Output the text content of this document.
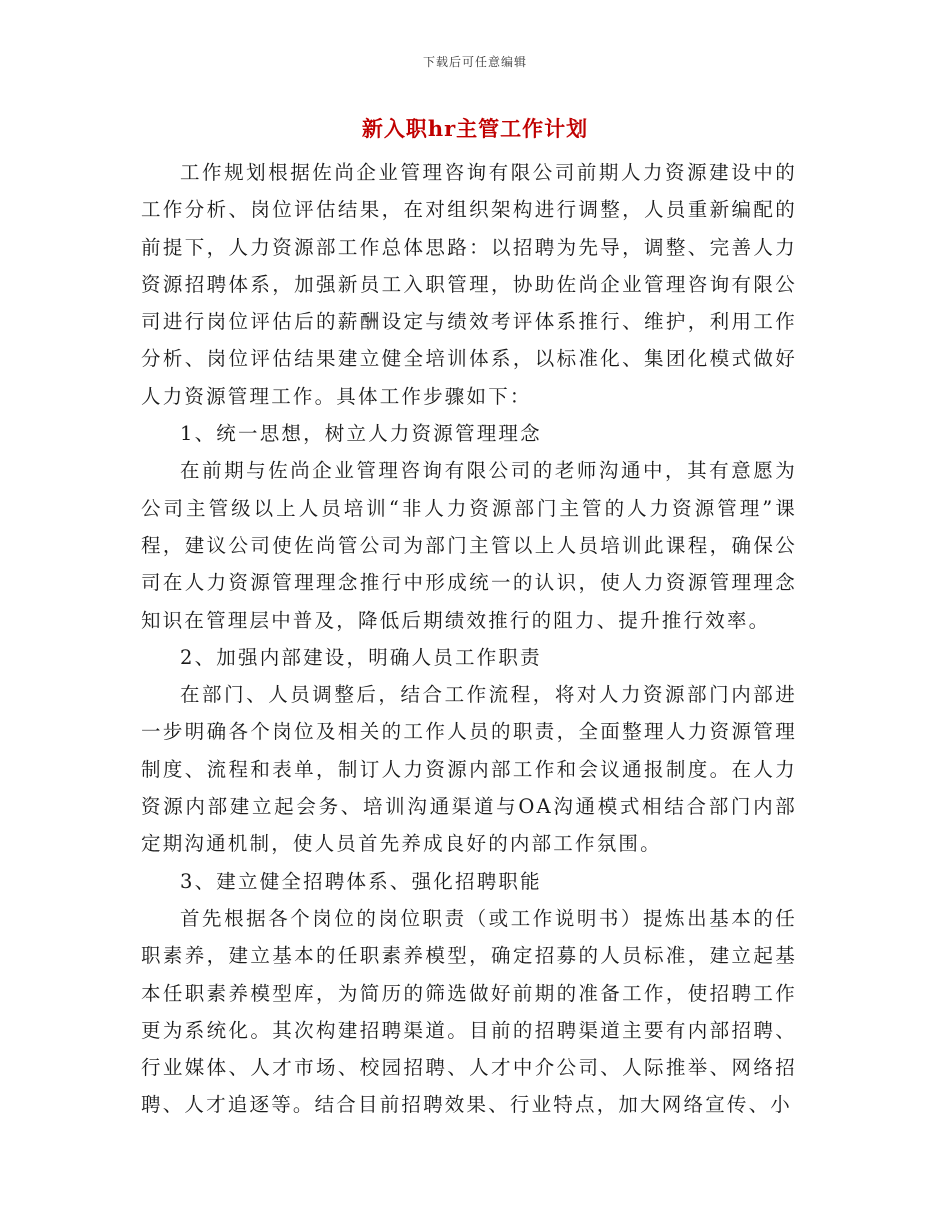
下载后可任意编辑
新入职hr主管工作计划

工作规划根据佐尚企业管理咨询有限公司前期人力资源建设中的工作分析、岗位评估结果，在对组织架构进行调整，人员重新编配的前提下，人力资源部工作总体思路：以招聘为先导，调整、完善人力资源招聘体系，加强新员工入职管理，协助佐尚企业管理咨询有限公司进行岗位评估后的薪酬设定与绩效考评体系推行、维护，利用工作分析、岗位评估结果建立健全培训体系，以标准化、集团化模式做好人力资源管理工作。具体工作步骤如下：

1、统一思想，树立人力资源管理理念

在前期与佐尚企业管理咨询有限公司的老师沟通中，其有意愿为公司主管级以上人员培训“非人力资源部门主管的人力资源管理”课程，建议公司使佐尚管公司为部门主管以上人员培训此课程，确保公司在人力资源管理理念推行中形成统一的认识，使人力资源管理理念知识在管理层中普及，降低后期绩效推行的阻力、提升推行效率。

2、加强内部建设，明确人员工作职责

在部门、人员调整后，结合工作流程，将对人力资源部门内部进一步明确各个岗位及相关的工作人员的职责，全面整理人力资源管理制度、流程和表单，制订人力资源内部工作和会议通报制度。在人力资源内部建立起会务、培训沟通渠道与OA沟通模式相结合部门内部定期沟通机制，使人员首先养成良好的内部工作氛围。

3、建立健全招聘体系、强化招聘职能

首先根据各个岗位的岗位职责（或工作说明书）提炼出基本的任职素养，建立基本的任职素养模型，确定招募的人员标准，建立起基本任职素养模型库，为简历的筛选做好前期的准备工作，使招聘工作更为系统化。其次构建招聘渠道。目前的招聘渠道主要有内部招聘、行业媒体、人才市场、校园招聘、人才中介公司、人际推举、网络招聘、人才追逐等。结合目前招聘效果、行业特点，加大网络宣传、小
